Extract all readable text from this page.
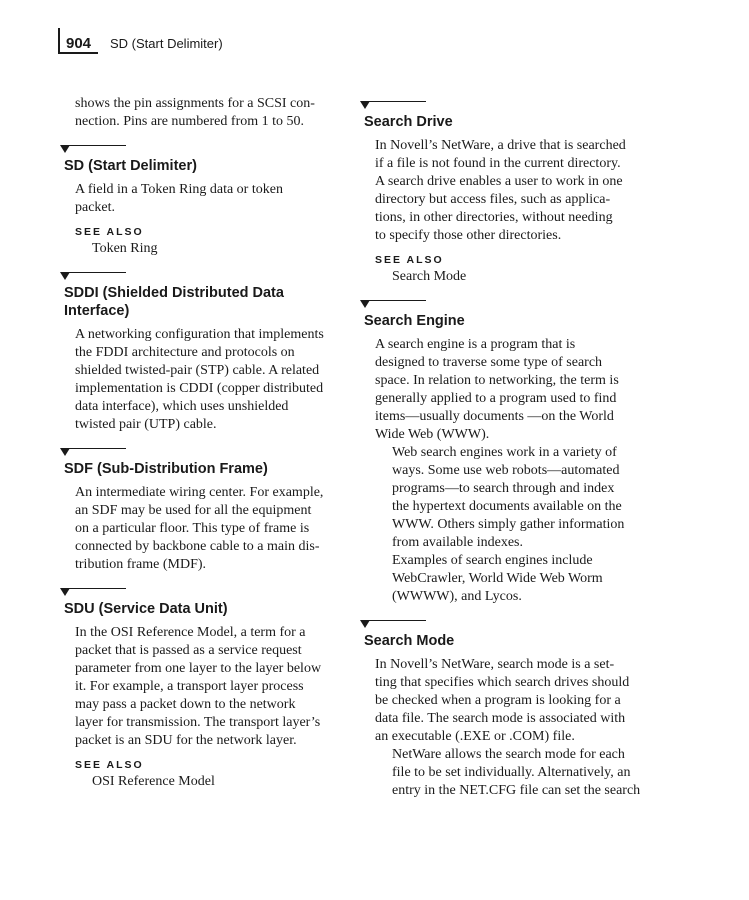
904 SD (Start Delimiter)

shows the pin assignments for a SCSI con-
nection. Pins are numbered from 1 to 50.

SD (Start Delimiter)

A field in a Token Ring data or token
packet.

SEE ALSO
Token Ring
SDDI (Shielded Distributed Data
Interface)

A networking configuration that implements
the FDDI architecture and protocols on
shielded twisted-pair (STP) cable. A related
implementation is CDDI (copper distributed
data interface), which uses unshielded
twisted pair (UTP) cable.

SDF (Sub-Distribution Frame)

An intermediate wiring center. For example,
an SDF may be used for all the equipment
on a particular floor. This type of frame is
connected by backbone cable to a main dis-
tribution frame (MDF).

SDU (Service Data Unit)

In the OSI Reference Model, a term for a
packet that is passed as a service request
parameter from one layer to the layer below
it. For example, a transport layer process
may pass a packet down to the network
layer for transmission. The transport layer’s
packet is an SDU for the network layer.

SEE ALSO
OSI Reference Model
Search Drive

In Novell’s NetWare, a drive that is searched
if a file is not found in the current directory.
A search drive enables a user to work in one
directory but access files, such as applica-
tions, in other directories, without needing
to specify those other directories.

SEE ALSO
Search Mode
Search Engine

A search engine is a program that is
designed to traverse some type of search
space. In relation to networking, the term is
generally applied to a program used to find
items—usually documents —on the World
Wide Web (WWW).

Web search engines work in a variety of
ways. Some use web robots—automated
programs—to search through and index
the hypertext documents available on the
WWW. Others simply gather information
from available indexes.

Examples of search engines include
WebCrawler, World Wide Web Worm
(WWWW), and Lycos.

Search Mode

In Novell’s NetWare, search mode is a set-
ting that specifies which search drives should
be checked when a program is looking for a
data file. The search mode is associated with
an executable (.EXE or .COM) file.

NetWare allows the search mode for each
file to be set individually. Alternatively, an
entry in the NET.CFG file can set the search
